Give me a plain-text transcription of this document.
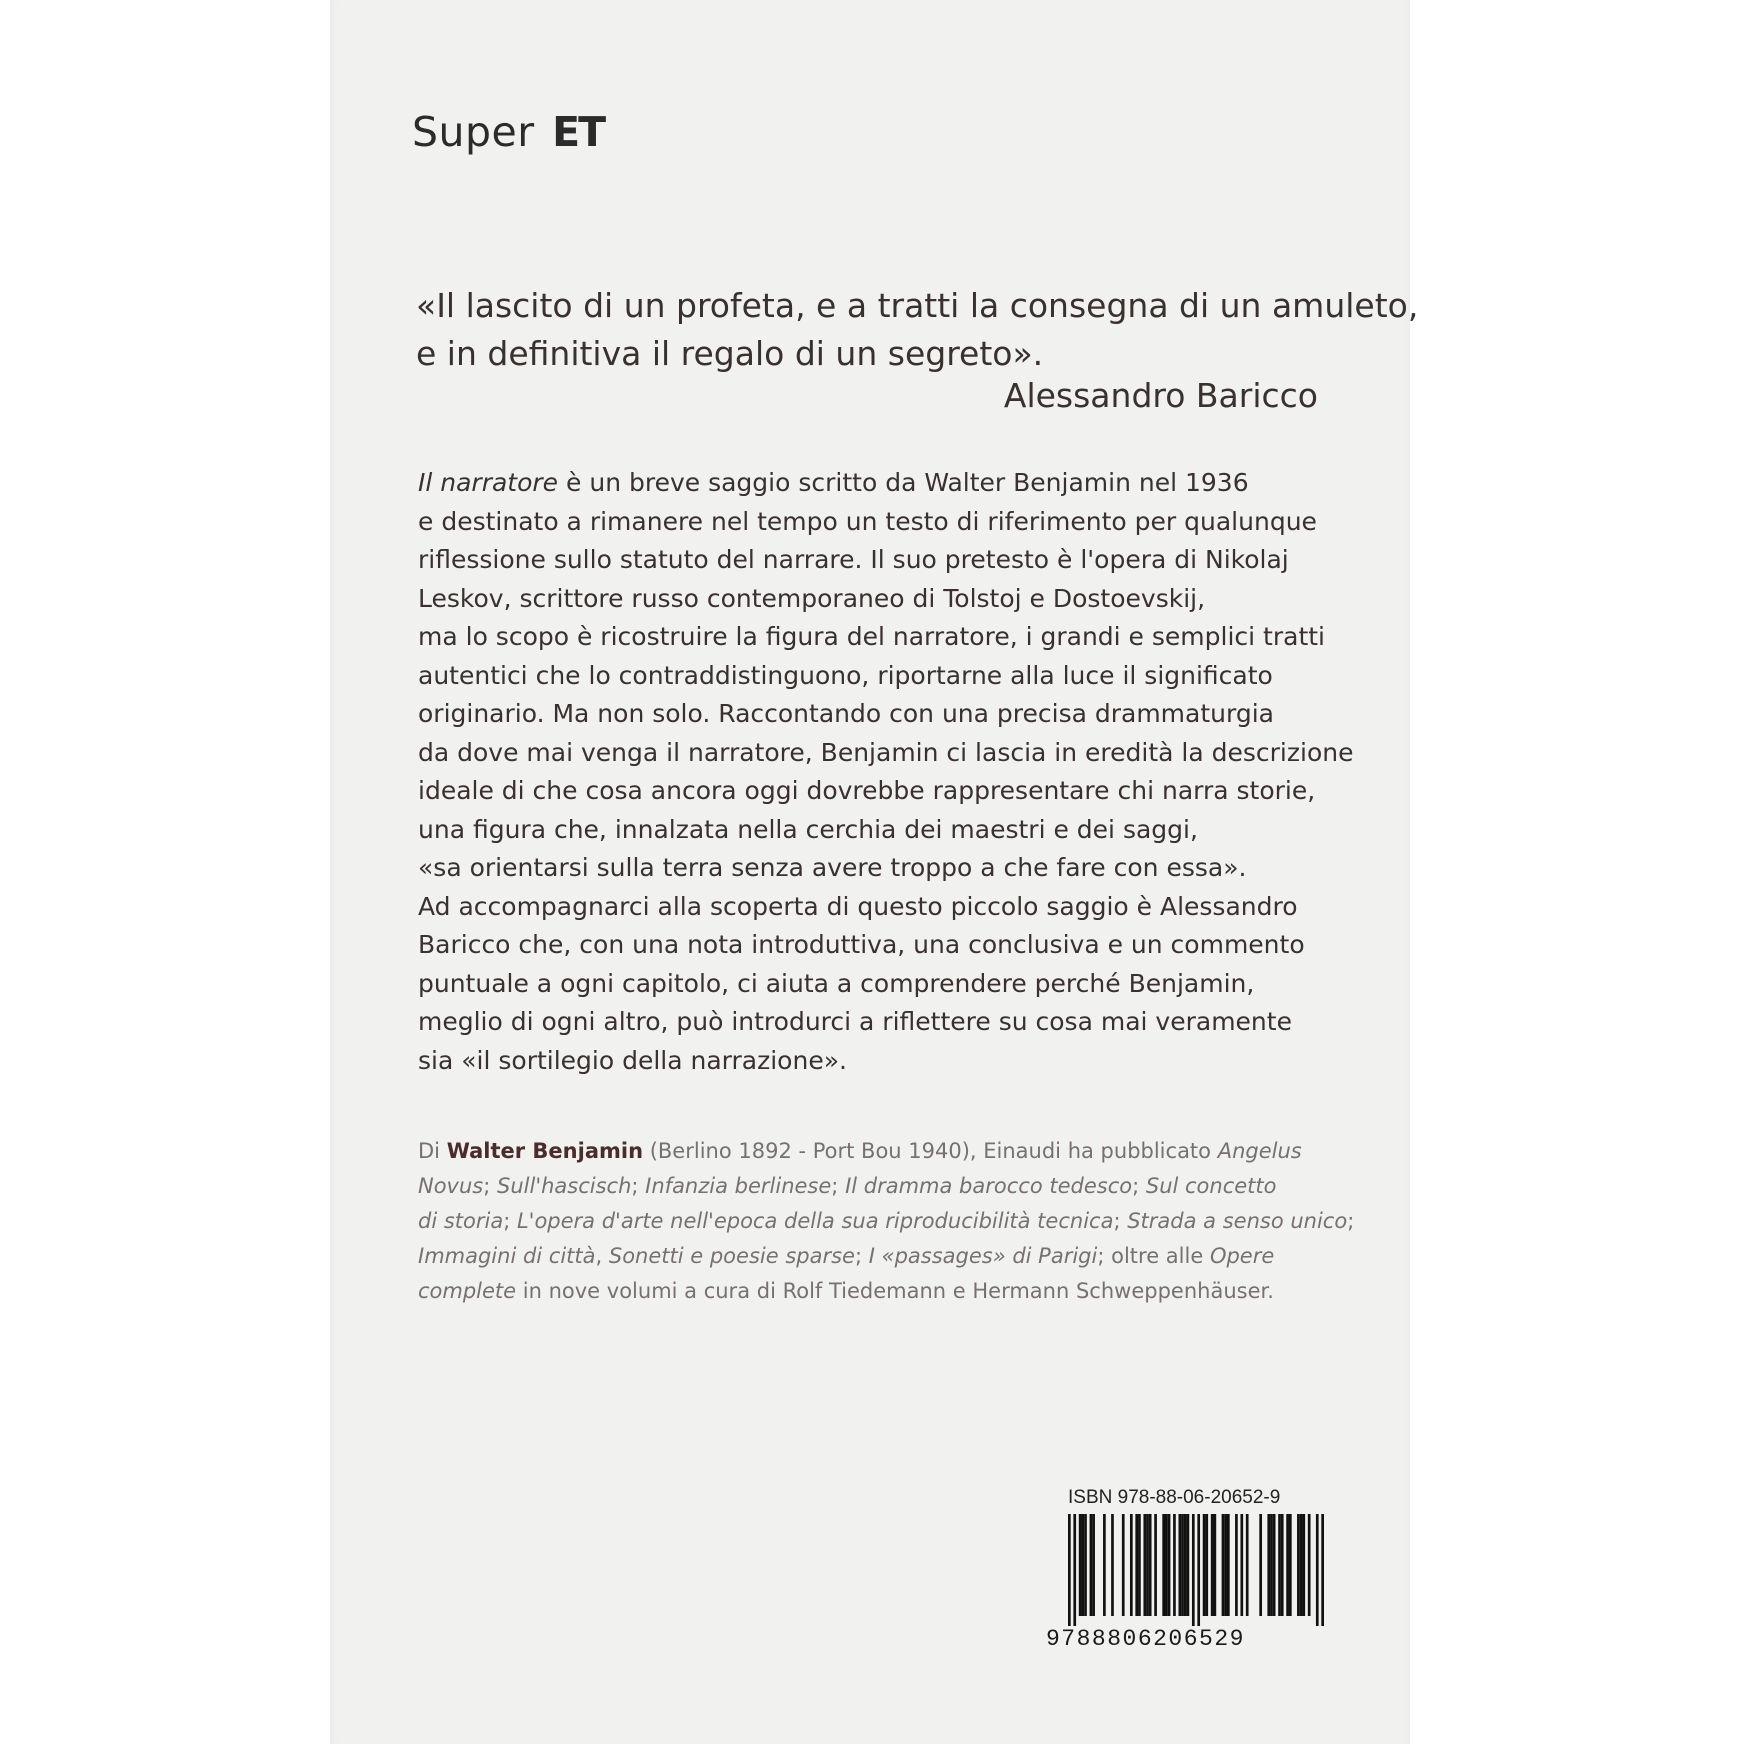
Super ET
«Il lascito di un profeta, e a tratti la consegna di un amuleto,
e in definitiva il regalo di un segreto».
Alessandro Baricco
Il narratore è un breve saggio scritto da Walter Benjamin nel 1936
e destinato a rimanere nel tempo un testo di riferimento per qualunque
riflessione sullo statuto del narrare. Il suo pretesto è l'opera di Nikolaj
Leskov, scrittore russo contemporaneo di Tolstoj e Dostoevskij,
ma lo scopo è ricostruire la figura del narratore, i grandi e semplici tratti
autentici che lo contraddistinguono, riportarne alla luce il significato
originario. Ma non solo. Raccontando con una precisa drammaturgia
da dove mai venga il narratore, Benjamin ci lascia in eredità la descrizione
ideale di che cosa ancora oggi dovrebbe rappresentare chi narra storie,
una figura che, innalzata nella cerchia dei maestri e dei saggi,
«sa orientarsi sulla terra senza avere troppo a che fare con essa».
Ad accompagnarci alla scoperta di questo piccolo saggio è Alessandro
Baricco che, con una nota introduttiva, una conclusiva e un commento
puntuale a ogni capitolo, ci aiuta a comprendere perché Benjamin,
meglio di ogni altro, può introdurci a riflettere su cosa mai veramente
sia «il sortilegio della narrazione».
Di Walter Benjamin (Berlino 1892 - Port Bou 1940), Einaudi ha pubblicato Angelus
Novus; Sull'hascisch; Infanzia berlinese; Il dramma barocco tedesco; Sul concetto
di storia; L'opera d'arte nell'epoca della sua riproducibilità tecnica; Strada a senso unico;
Immagini di città, Sonetti e poesie sparse; I «passages» di Parigi; oltre alle Opere
complete in nove volumi a cura di Rolf Tiedemann e Hermann Schweppenhäuser.
ISBN 978-88-06-20652-9
9788806206529
